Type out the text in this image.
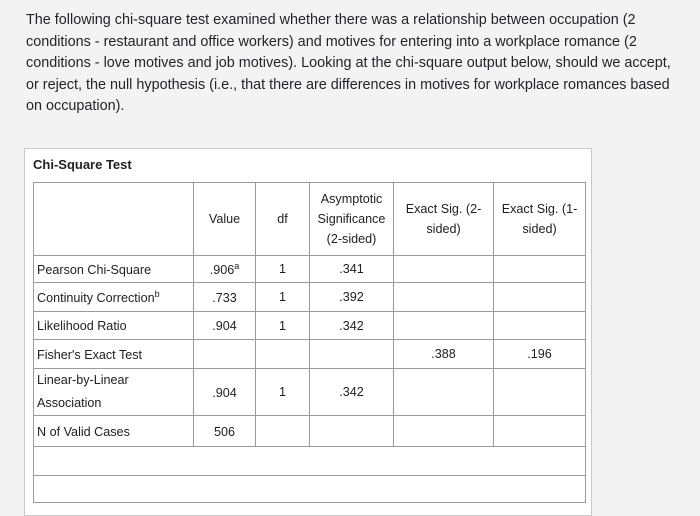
The following chi-square test examined whether there was a relationship between occupation (2 conditions - restaurant and office workers) and motives for entering into a workplace romance (2 conditions - love motives and job motives). Looking at the chi-square output below, should we accept, or reject, the null hypothesis (i.e., that there are differences in motives for workplace romances based on occupation).

Chi-Square Test
	Value	df	Asymptotic Significance (2-sided)	Exact Sig. (2-sided)	Exact Sig. (1-sided)
Pearson Chi-Square	.906$^a$	1	.341		
Continuity Correction$^b$	.733	1	.392		
Likelihood Ratio	.904	1	.342		
Fisher's Exact Test				.388	.196
Linear-by-Linear Association	.904	1	.342		
N of Valid Cases	506				
